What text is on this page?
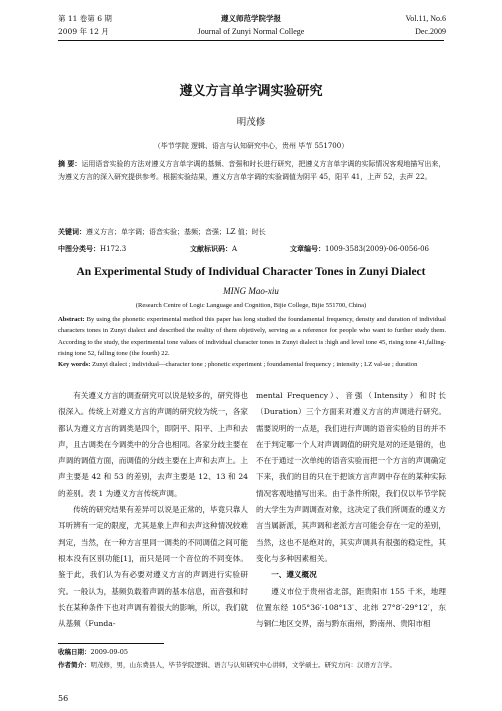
第 11 卷第 6 期
2009 年 12 月
遵义师范学院学报
Journal of Zunyi Normal College
Vol.11, No.6
Dec.2009
遵义方言单字调实验研究
明茂修
（毕节学院 逻辑、语言与认知研究中心，贵州 毕节 551700）
摘 要：运用语音实验的方法对遵义方言单字调的基频、音强和时长进行研究，把遵义方言单字调的实际情况客观地描写出来，为遵义方言的深入研究提供参考。根据实验结果，遵义方言单字调的实验调值为阴平 45，阳平 41，上声 52，去声 22。
关键词：遵义方言；单字调；语音实验；基频；音强；LZ 值；时长
中图分类号：H172.3	文献标识码：A	文章编号：1009-3583(2009)-06-0056-06
An Experimental Study of Individual Character Tones in Zunyi Dialect
MING Mao-xiu
(Research Centre of Logic Language and Cognition, Bijie College, Bijie 551700, China)
Abstract: By using the phonetic experimental method this paper has long studied the foundamental frequency, density and duration of individual characters tones in Zunyi dialect and described the reality of them objetively, serving as a reference for people who want to further study them. According to the study, the experimental tone values of individual character tones in Zunyi dialect is :high and level tone 45, rising tone 41,falling-rising tone 52, falling tone (the fourth) 22.
Key words: Zunyi dialect ; individual—character tone ; phonetic experiment ; foundamental frequency ; intensity ; LZ val-ue ; duration

有关遵义方言的调查研究可以说是较多的，研究得也很深入。传统上对遵义方言的声调的研究较为统一，各家都认为遵义方言的调类是四个，即阴平、阳平、上声和去声，且古调类在今调类中的分合也相同。各家分歧主要在声调的调值方面，而调值的分歧主要在上声和去声上。上声主要是 42 和 53 的差别，去声主要是 12、13 和 24 的差别。表 1 为遵义方言传统声调。

传统的研究结果有差异可以说是正常的，毕竟只靠人耳听辨有一定的限度，尤其是象上声和去声这种情况较难判定，当然，在一种方言里同一调类的不同调值之间可能根本没有区别功能[1]，而只是同一个音位的不同变体。鉴于此，我们认为有必要对遵义方言的声调进行实验研究。一般认为，基频负载着声调的基本信息，而音强和时长在某种条件下也对声调有着很大的影响，所以，我们就从基频（Funda-

mental Frequency）、音强（Intensity）和时长（Duration）三个方面来对遵义方言的声调进行研究。需要说明的一点是，我们进行声调的语音实验的目的并不在于判定哪一个人对声调调值的研究是对的还是错的，也不在于通过一次单纯的语音实验而把一个方言的声调确定下来，我们的目的只在于把该方言声调中存在的某种实际情况客观地描写出来。由于条件所限，我们仅以毕节学院的大学生为声调调查对象，这决定了我们所调查的遵义方言当属新派，其声调和老派方言可能会存在一定的差别，当然，这也不是绝对的，其实声调具有很强的稳定性，其变化与多种因素相关。

一、遵义概况

遵义市位于贵州省北部，距贵阳市 155 千米，地理位置东经 105°36′-108°13′、北纬 27°8′-29°12′，东与铜仁地区交界，南与黔东南州，黔南州、贵阳市相

收稿日期：2009-09-05
作者简介：明茂修，男，山东费县人，毕节学院逻辑、语言与认知研究中心讲师，文学硕士。研究方向：汉语方言学。
56
